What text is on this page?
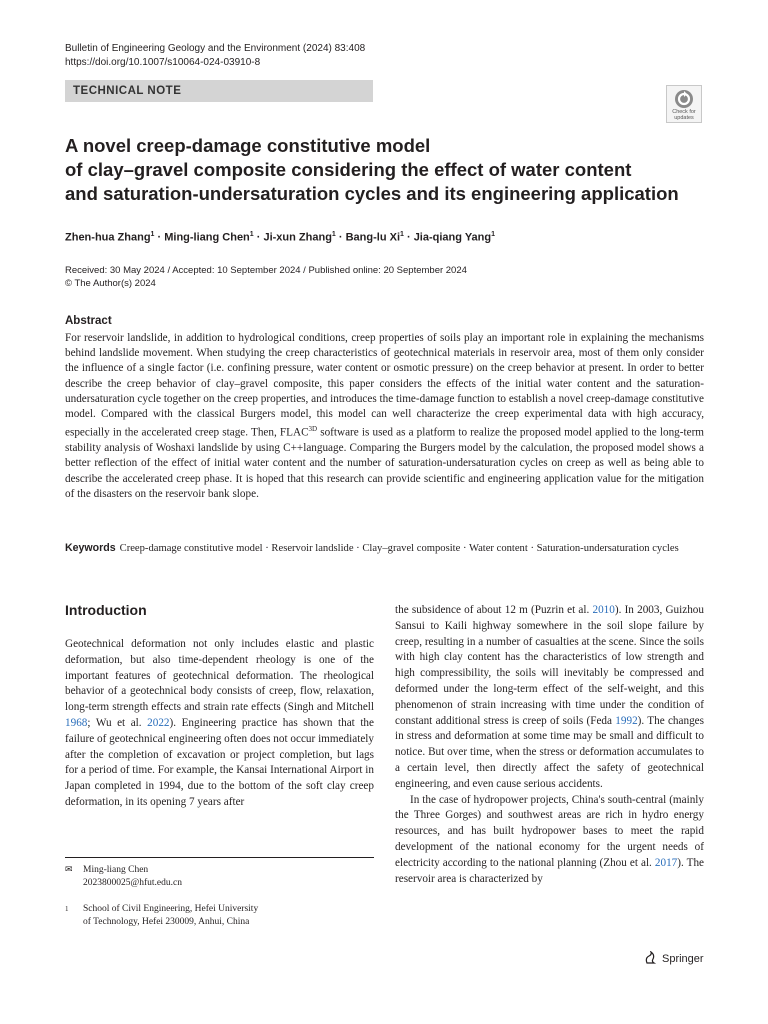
Bulletin of Engineering Geology and the Environment (2024) 83:408
https://doi.org/10.1007/s10064-024-03910-8
TECHNICAL NOTE
Check for
updates
A novel creep-damage constitutive model
of clay–gravel composite considering the effect of water content
and saturation-undersaturation cycles and its engineering application
Zhen-hua Zhang$^1$ · Ming-liang Chen$^1$ · Ji-xun Zhang$^1$ · Bang-lu $Xi^1$ · Jia-qiang Yang$^1$
Received: 30 May 2024 / Accepted: 10 September 2024 / Published online: 20 September 2024
© The Author(s) 2024
Abstract
For reservoir landslide, in addition to hydrological conditions, creep properties of soils play an important role in explaining the mechanisms behind landslide movement. When studying the creep characteristics of geotechnical materials in reservoir area, most of them only consider the influence of a single factor (i.e. confining pressure, water content or osmotic pressure) on the creep behavior at present. In order to better describe the creep behavior of clay–gravel composite, this paper considers the effects of the initial water content and the saturation-undersaturation cycle together on the creep properties, and introduces the time-damage function to establish a novel creep-damage constitutive model. Compared with the classical Burgers model, this model can well characterize the creep experimental data with high accuracy, especially in the accelerated creep stage. Then, $FLAC^{3D}$ software is used as a platform to realize the proposed model applied to the long-term stability analysis of Woshaxi landslide by using C++language. Comparing the Burgers model by the calculation, the proposed model shows a better reflection of the effect of initial water content and the number of saturation-undersaturation cycles on creep as well as being able to describe the accelerated creep phase. It is hoped that this research can provide scientific and engineering application value for the mitigation of the disasters on the reservoir bank slope.
Keywords Creep-damage constitutive model · Reservoir landslide · Clay–gravel composite · Water content · Saturation-undersaturation cycles
Introduction

Geotechnical deformation not only includes elastic and plastic deformation, but also time-dependent rheology is one of the important features of geotechnical deformation. The rheological behavior of a geotechnical body consists of creep, flow, relaxation, long-term strength effects and strain rate effects (Singh and Mitchell 1968; Wu et al. 2022). Engineering practice has shown that the failure of geotechnical engineering often does not occur immediately after the completion of excavation or project completion, but lags for a period of time. For example, the Kansai International Airport in Japan completed in 1994, due to the bottom of the soft clay creep deformation, in its opening 7 years after

the subsidence of about 12 m (Puzrin et al. 2010). In 2003, Guizhou Sansui to Kaili highway somewhere in the soil slope failure by creep, resulting in a number of casualties at the scene. Since the soils with high clay content has the characteristics of low strength and high compressibility, the soils will inevitably be compressed and deformed under the long-term effect of the self-weight, and this phenomenon of strain increasing with time under the condition of constant additional stress is creep of soils (Feda 1992). The changes in stress and deformation at some time may be small and difficult to notice. But over time, when the stress or deformation accumulates to a certain level, then directly affect the safety of geotechnical engineering, and even cause serious accidents.

In the case of hydropower projects, China's south-central (mainly the Three Gorges) and southwest areas are rich in hydro energy resources, and has built hydropower bases to meet the rapid development of the national economy for the urgent needs of electricity according to the national planning (Zhou et al. 2017). The reservoir area is characterized by

✉ Ming-liang Chen
2023800025@hfut.edu.cn
1 School of Civil Engineering, Hefei University
of Technology, Hefei 230009, Anhui, China
Springer
